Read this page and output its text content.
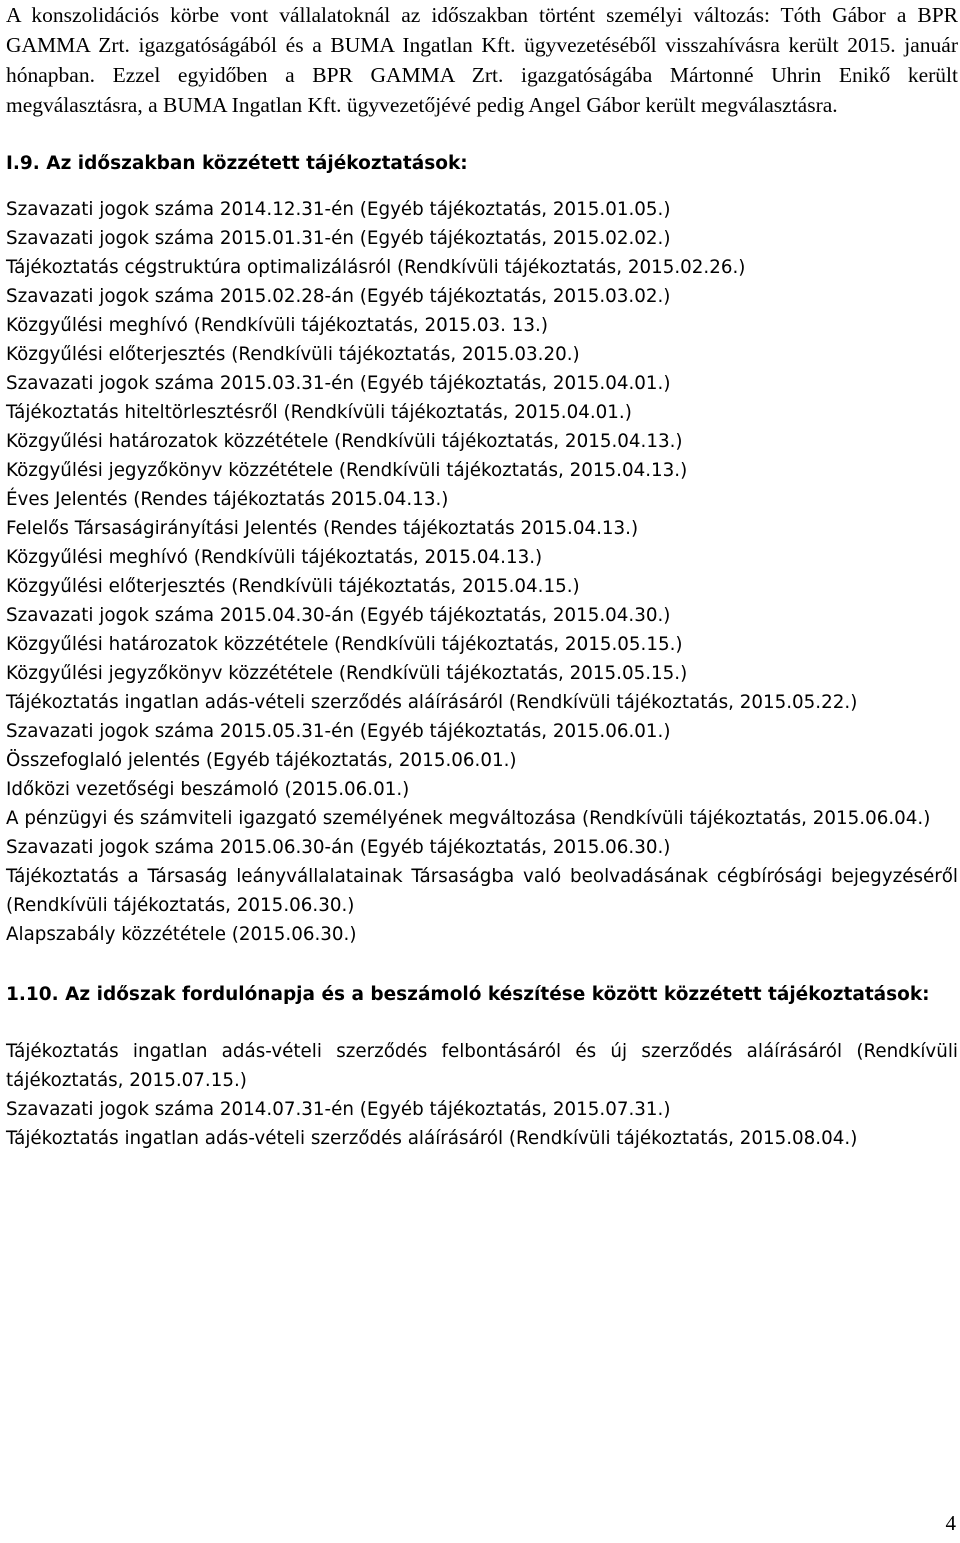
A konszolidációs körbe vont vállalatoknál az időszakban történt személyi változás: Tóth Gábor a BPR GAMMA Zrt. igazgatóságából és a BUMA Ingatlan Kft. ügyvezetéséből visszahívásra került 2015. január hónapban. Ezzel egyidőben a BPR GAMMA Zrt. igazgatóságába Mártonné Uhrin Enikő került megválasztásra, a BUMA Ingatlan Kft. ügyvezetőjévé pedig Angel Gábor került megválasztásra.

I.9. Az időszakban közzétett tájékoztatások:
Szavazati jogok száma 2014.12.31-én (Egyéb tájékoztatás, 2015.01.05.)
Szavazati jogok száma 2015.01.31-én (Egyéb tájékoztatás, 2015.02.02.)
Tájékoztatás cégstruktúra optimalizálásról (Rendkívüli tájékoztatás, 2015.02.26.)
Szavazati jogok száma 2015.02.28-án (Egyéb tájékoztatás, 2015.03.02.)
Közgyűlési meghívó (Rendkívüli tájékoztatás, 2015.03. 13.)
Közgyűlési előterjesztés (Rendkívüli tájékoztatás, 2015.03.20.)
Szavazati jogok száma 2015.03.31-én (Egyéb tájékoztatás, 2015.04.01.)
Tájékoztatás hiteltörlesztésről (Rendkívüli tájékoztatás, 2015.04.01.)
Közgyűlési határozatok közzététele (Rendkívüli tájékoztatás, 2015.04.13.)
Közgyűlési jegyzőkönyv közzététele (Rendkívüli tájékoztatás, 2015.04.13.)
Éves Jelentés (Rendes tájékoztatás 2015.04.13.)
Felelős Társaságirányítási Jelentés (Rendes tájékoztatás 2015.04.13.)
Közgyűlési meghívó (Rendkívüli tájékoztatás, 2015.04.13.)
Közgyűlési előterjesztés (Rendkívüli tájékoztatás, 2015.04.15.)
Szavazati jogok száma 2015.04.30-án (Egyéb tájékoztatás, 2015.04.30.)
Közgyűlési határozatok közzététele (Rendkívüli tájékoztatás, 2015.05.15.)
Közgyűlési jegyzőkönyv közzététele (Rendkívüli tájékoztatás, 2015.05.15.)
Tájékoztatás ingatlan adás-vételi szerződés aláírásáról (Rendkívüli tájékoztatás, 2015.05.22.)
Szavazati jogok száma 2015.05.31-én (Egyéb tájékoztatás, 2015.06.01.)
Összefoglaló jelentés (Egyéb tájékoztatás, 2015.06.01.)
Időközi vezetőségi beszámoló (2015.06.01.)
A pénzügyi és számviteli igazgató személyének megváltozása (Rendkívüli tájékoztatás, 2015.06.04.)
Szavazati jogok száma 2015.06.30-án (Egyéb tájékoztatás, 2015.06.30.)
Tájékoztatás a Társaság leányvállalatainak Társaságba való beolvadásának cégbírósági bejegyzéséről (Rendkívüli tájékoztatás, 2015.06.30.)
Alapszabály közzététele (2015.06.30.)
1.10. Az időszak fordulónapja és a beszámoló készítése között közzétett tájékoztatások:
Tájékoztatás ingatlan adás-vételi szerződés felbontásáról és új szerződés aláírásáról (Rendkívüli tájékoztatás, 2015.07.15.)
Szavazati jogok száma 2014.07.31-én (Egyéb tájékoztatás, 2015.07.31.)
Tájékoztatás ingatlan adás-vételi szerződés aláírásáról (Rendkívüli tájékoztatás, 2015.08.04.)
4
